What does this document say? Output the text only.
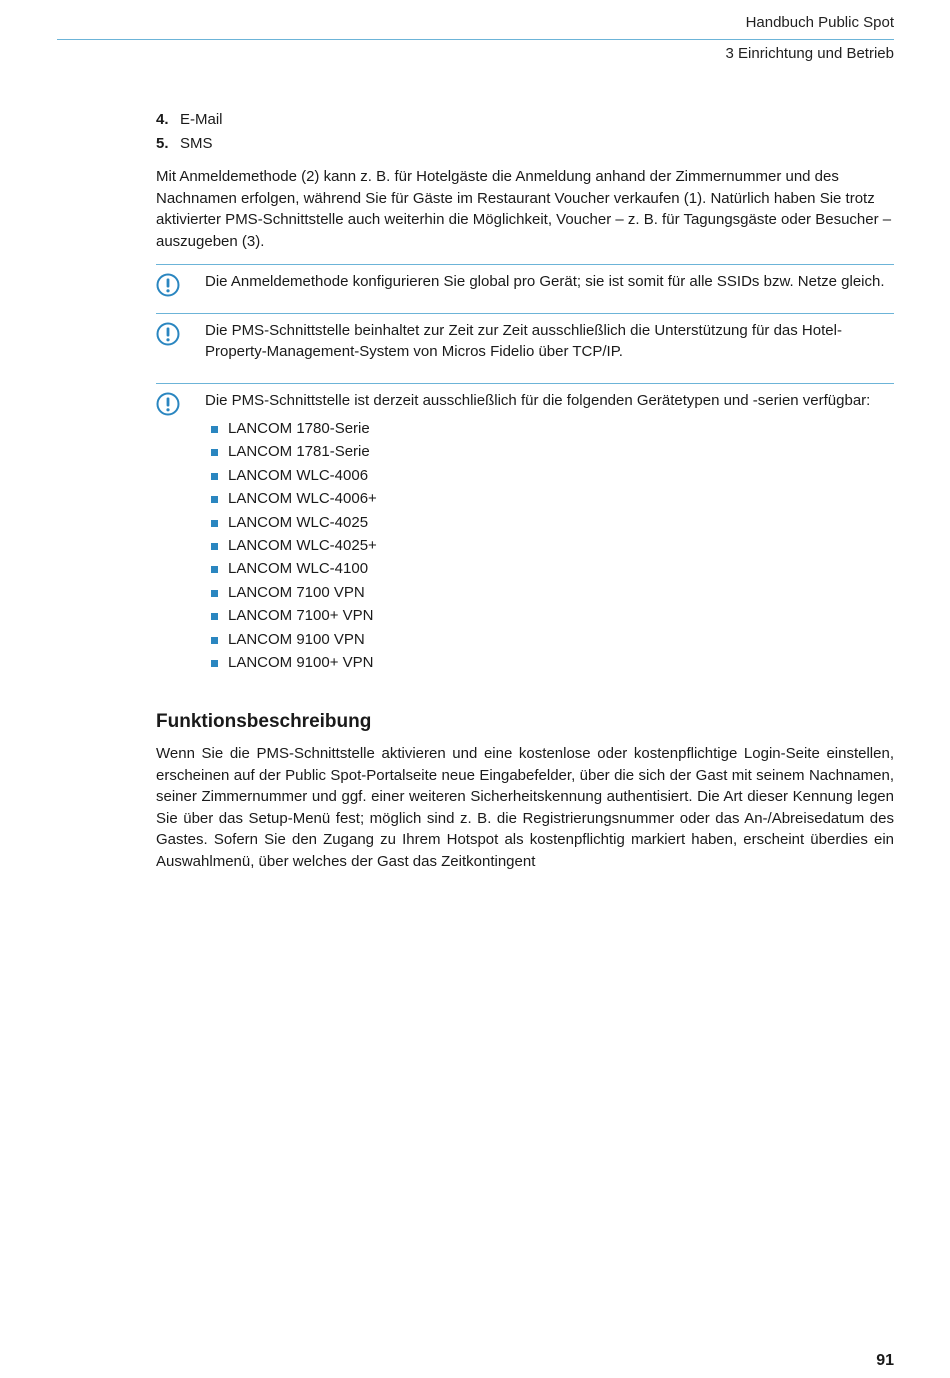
Handbuch Public Spot
3 Einrichtung und Betrieb
4. E-Mail
5. SMS

Mit Anmeldemethode (2) kann z. B. für Hotelgäste die Anmeldung anhand der Zimmernummer und des Nachnamen erfolgen, während Sie für Gäste im Restaurant Voucher verkaufen (1). Natürlich haben Sie trotz aktivierter PMS-Schnittstelle auch weiterhin die Möglichkeit, Voucher – z. B. für Tagungsgäste oder Besucher – auszugeben (3).

Die Anmeldemethode konfigurieren Sie global pro Gerät; sie ist somit für alle SSIDs bzw. Netze gleich.

Die PMS-Schnittstelle beinhaltet zur Zeit zur Zeit ausschließlich die Unterstützung für das Hotel-Property-Management-System von Micros Fidelio über TCP/IP.

Die PMS-Schnittstelle ist derzeit ausschließlich für die folgenden Gerätetypen und -serien verfügbar:

LANCOM 1780-Serie
LANCOM 1781-Serie
LANCOM WLC-4006
LANCOM WLC-4006+
LANCOM WLC-4025
LANCOM WLC-4025+
LANCOM WLC-4100
LANCOM 7100 VPN
LANCOM 7100+ VPN
LANCOM 9100 VPN
LANCOM 9100+ VPN
Funktionsbeschreibung

Wenn Sie die PMS-Schnittstelle aktivieren und eine kostenlose oder kostenpflichtige Login-Seite einstellen, erscheinen auf der Public Spot-Portalseite neue Eingabefelder, über die sich der Gast mit seinem Nachnamen, seiner Zimmernummer und ggf. einer weiteren Sicherheitskennung authentisiert. Die Art dieser Kennung legen Sie über das Setup-Menü fest; möglich sind z. B. die Registrierungsnummer oder das An-/Abreisedatum des Gastes. Sofern Sie den Zugang zu Ihrem Hotspot als kostenpflichtig markiert haben, erscheint überdies ein Auswahlmenü, über welches der Gast das Zeitkontingent

91
